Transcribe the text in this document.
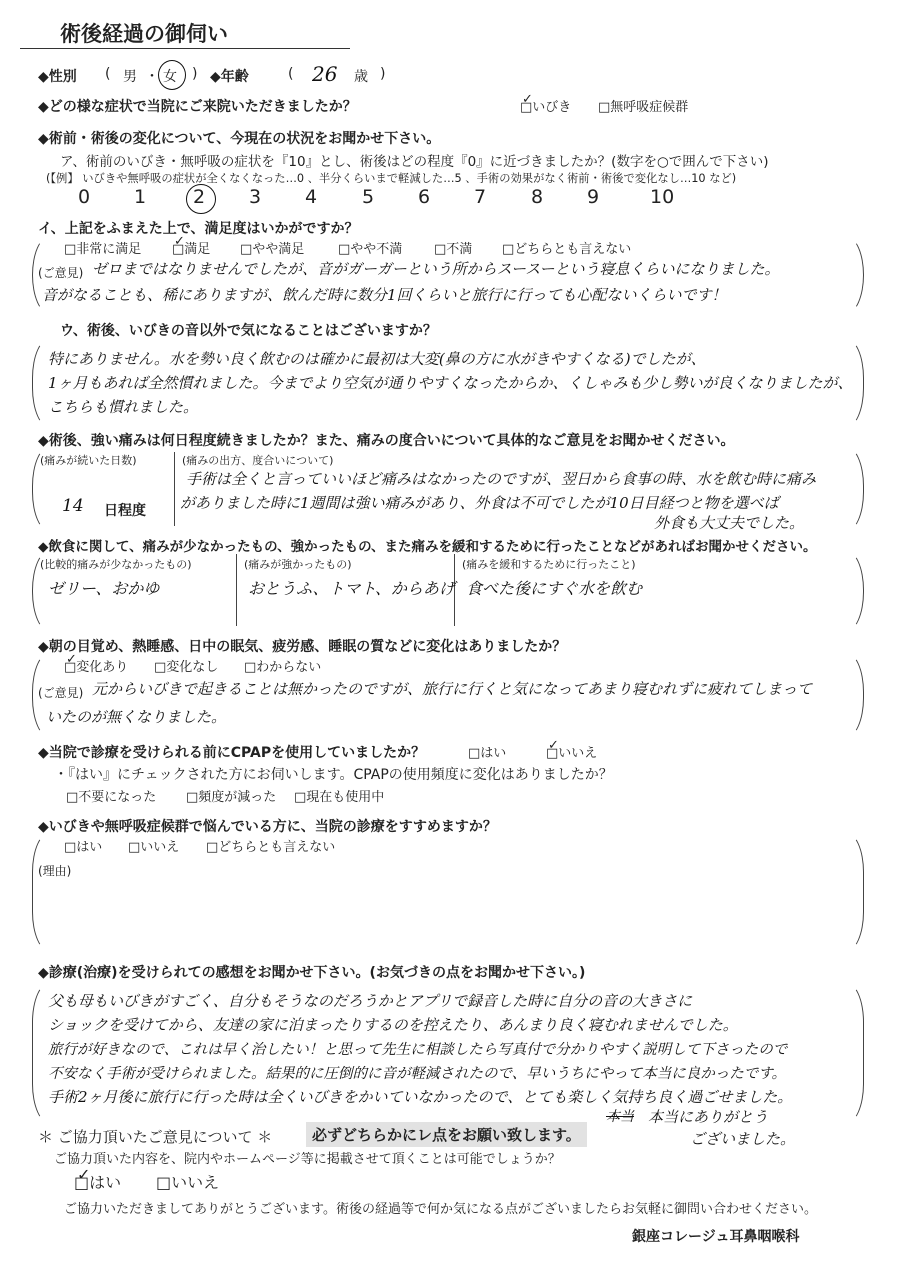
術後経過の御伺い
◆性別 ( 男 ・ 女 ) ◆年齢	( 26 歳 )
◆どの様な症状で当院にご来院いただきましたか？
□	✓
いびき □	無呼吸症候群
◆術前・術後の変化について、今現在の状況をお聞かせ下さい。
ア、術前のいびき・無呼吸の症状を『10』とし、術後はどの程度『0』に近づきましたか？(数字を○で囲んで下さい)
(【例】 いびきや無呼吸の症状が全くなくなった…0 、半分くらいまで軽減した…5 、手術の効果がなく術前・術後で変化なし…10 など)
0 1 2 3 4 5 6 7 8 9	10
イ、上記をふまえた上で、満足度はいかがですか？
□ 非常に満足
□
✓
満足 □	やや満足 □	やや不満 □	不満 □	どちらとも言えない
(ご意見) ゼロまではなりませんでしたが、音がガーガーという所からスースーという寝息くらいになりました。
音がなることも、稀にありますが、飲んだ時に数分1回くらいと旅行に行っても心配ないくらいです！
ウ、術後、いびきの音以外で気になることはございますか？
特にありません。水を勢い良く飲むのは確かに最初は大変(鼻の方に水がきやすくなる)でしたが、
1ヶ月もあれば全然慣れました。今までより空気が通りやすくなったからか、くしゃみも少し勢いが良くなりましたが、
こちらも慣れました。
◆術後、強い痛みは何日程度続きましたか？また、痛みの度合いについて具体的なご意見をお聞かせください。
(痛みが続いた日数)
14 日程度
(痛みの出方、度合いについて)
手術は全くと言っていいほど痛みはなかったのですが、翌日から食事の時、水を飲む時に痛み
がありました時に1週間は強い痛みがあり、外食は不可でしたが10日目経つと物を選べば
外食も大丈夫でした。
◆飲食に関して、痛みが少なかったもの、強かったもの、また痛みを緩和するために行ったことなどがあればお聞かせください。
(比較的痛みが少なかったもの)
ゼリー、おかゆ
(痛みが強かったもの)
おとうふ、トマト、からあげ
(痛みを緩和するために行ったこと)
食べた後にすぐ水を飲む
◆朝の目覚め、熱睡感、日中の眠気、疲労感、睡眠の質などに変化はありましたか？
□
✓
変化あり □	変化なし □	わからない
(ご意見) 元からいびきで起きることは無かったのですが、旅行に行くと気になってあまり寝むれずに疲れてしまって
いたのが無くなりました。
◆当院で診療を受けられる前にCPAPを使用していましたか？ □	はい
□
✓
いいえ
・『はい』にチェックされた方にお伺いします。CPAPの使用頻度に変化はありましたか？
□ 不要になった □	頻度が減った □	現在も使用中
◆いびきや無呼吸症候群で悩んでいる方に、当院の診療をすすめますか？
□ はい □	いいえ □	どちらとも言えない
(理由)
◆診療(治療)を受けられての感想をお聞かせ下さい。(お気づきの点をお聞かせ下さい。)
父も母もいびきがすごく、自分もそうなのだろうかとアプリで録音した時に自分の音の大きさに
ショックを受けてから、友達の家に泊まったりするのを控えたり、あんまり良く寝むれませんでした。
旅行が好きなので、これは早く治したい！と思って先生に相談したら写真付で分かりやすく説明して下さったので
不安なく手術が受けられました。結果的に圧倒的に音が軽減されたので、早いうちにやって本当に良かったです。
手術2ヶ月後に旅行に行った時は全くいびきをかいていなかったので、とても楽しく気持ち良く過ごせました。
本当 本当にありがとう
ございました。
＊ ご協力頂いたご意見について ＊	必ずどちらかにレ点をお願い致します。
ご協力頂いた内容を、院内やホームページ等に掲載させて頂くことは可能でしょうか？
□
✓
はい □	いいえ
ご協力いただきましてありがとうございます。術後の経過等で何か気になる点がございましたらお気軽に御問い合わせください。
銀座コレージュ耳鼻咽喉科
